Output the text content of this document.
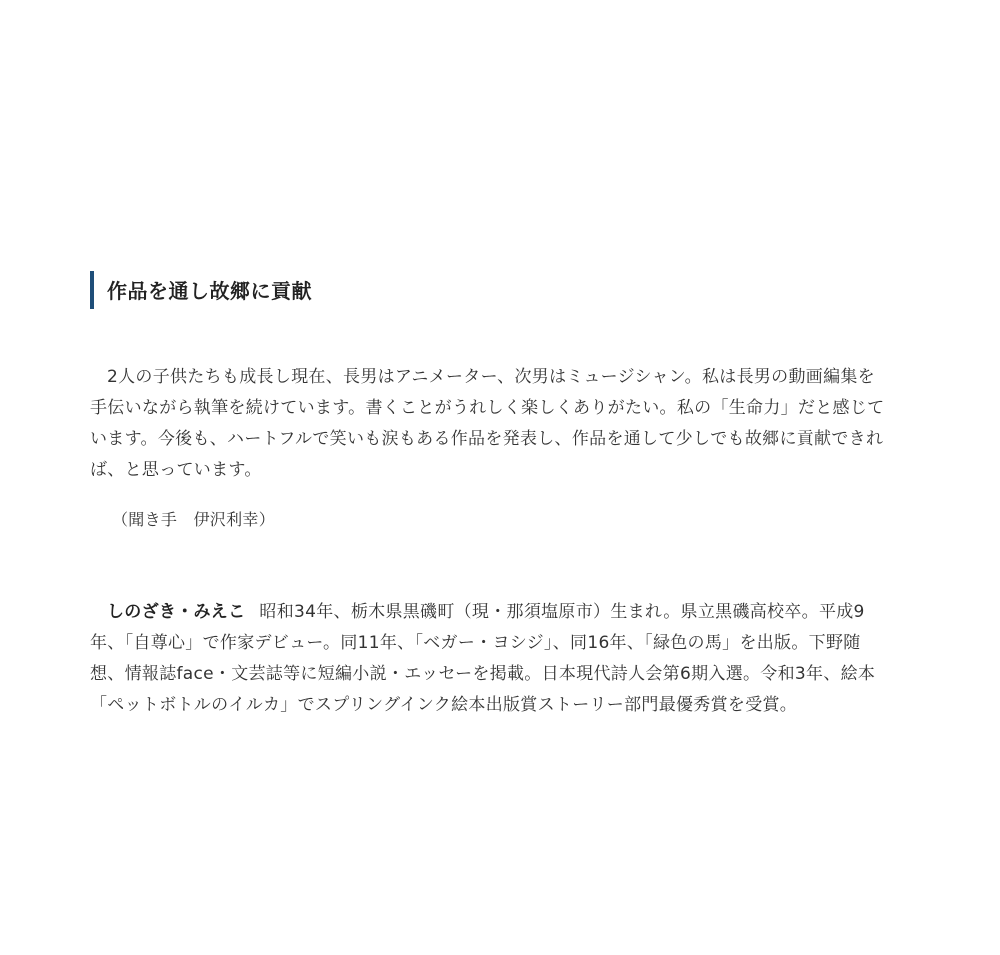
作品を通し故郷に貢献

2人の子供たちも成長し現在、長男はアニメーター、次男はミュージシャン。私は長男の動画編集を手伝いながら執筆を続けています。書くことがうれしく楽しくありがたい。私の「生命力」だと感じています。今後も、ハートフルで笑いも涙もある作品を発表し、作品を通して少しでも故郷に貢献できれば、と思っています。

（聞き手　伊沢利幸）

しのざき・みえこ 昭和34年、栃木県黒磯町（現・那須塩原市）生まれ。県立黒磯高校卒。平成9年、「自尊心」で作家デビュー。同11年、「ベガー・ヨシジ」、同16年、「緑色の馬」を出版。下野随想、情報誌face・文芸誌等に短編小説・エッセーを掲載。日本現代詩人会第6期入選。令和3年、絵本「ペットボトルのイルカ」でスプリングインク絵本出版賞ストーリー部門最優秀賞を受賞。
